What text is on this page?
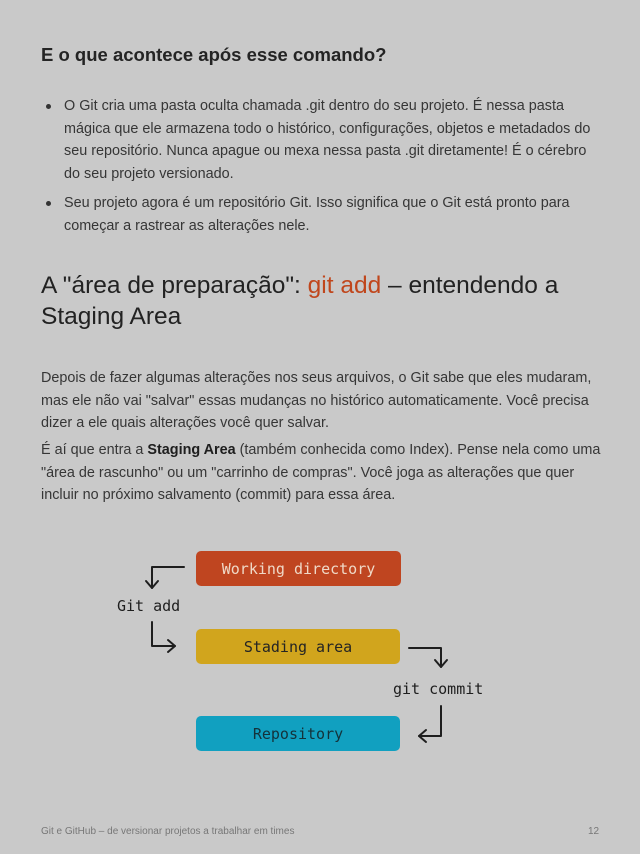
E o que acontece após esse comando?
O Git cria uma pasta oculta chamada .git dentro do seu projeto. É nessa pasta mágica que ele armazena todo o histórico, configurações, objetos e metadados do seu repositório. Nunca apague ou mexa nessa pasta .git diretamente! É o cérebro do seu projeto versionado.
Seu projeto agora é um repositório Git. Isso significa que o Git está pronto para começar a rastrear as alterações nele.
A "área de preparação": git add – entendendo a Staging Area
Depois de fazer algumas alterações nos seus arquivos, o Git sabe que eles mudaram, mas ele não vai "salvar" essas mudanças no histórico automaticamente. Você precisa dizer a ele quais alterações você quer salvar.
É aí que entra a Staging Area (também conhecida como Index). Pense nela como uma "área de rascunho" ou um "carrinho de compras". Você joga as alterações que quer incluir no próximo salvamento (commit) para essa área.
Working directory
Git add
Stading area
git commit
Repository
Git e GitHub – de versionar projetos a trabalhar em times	12
